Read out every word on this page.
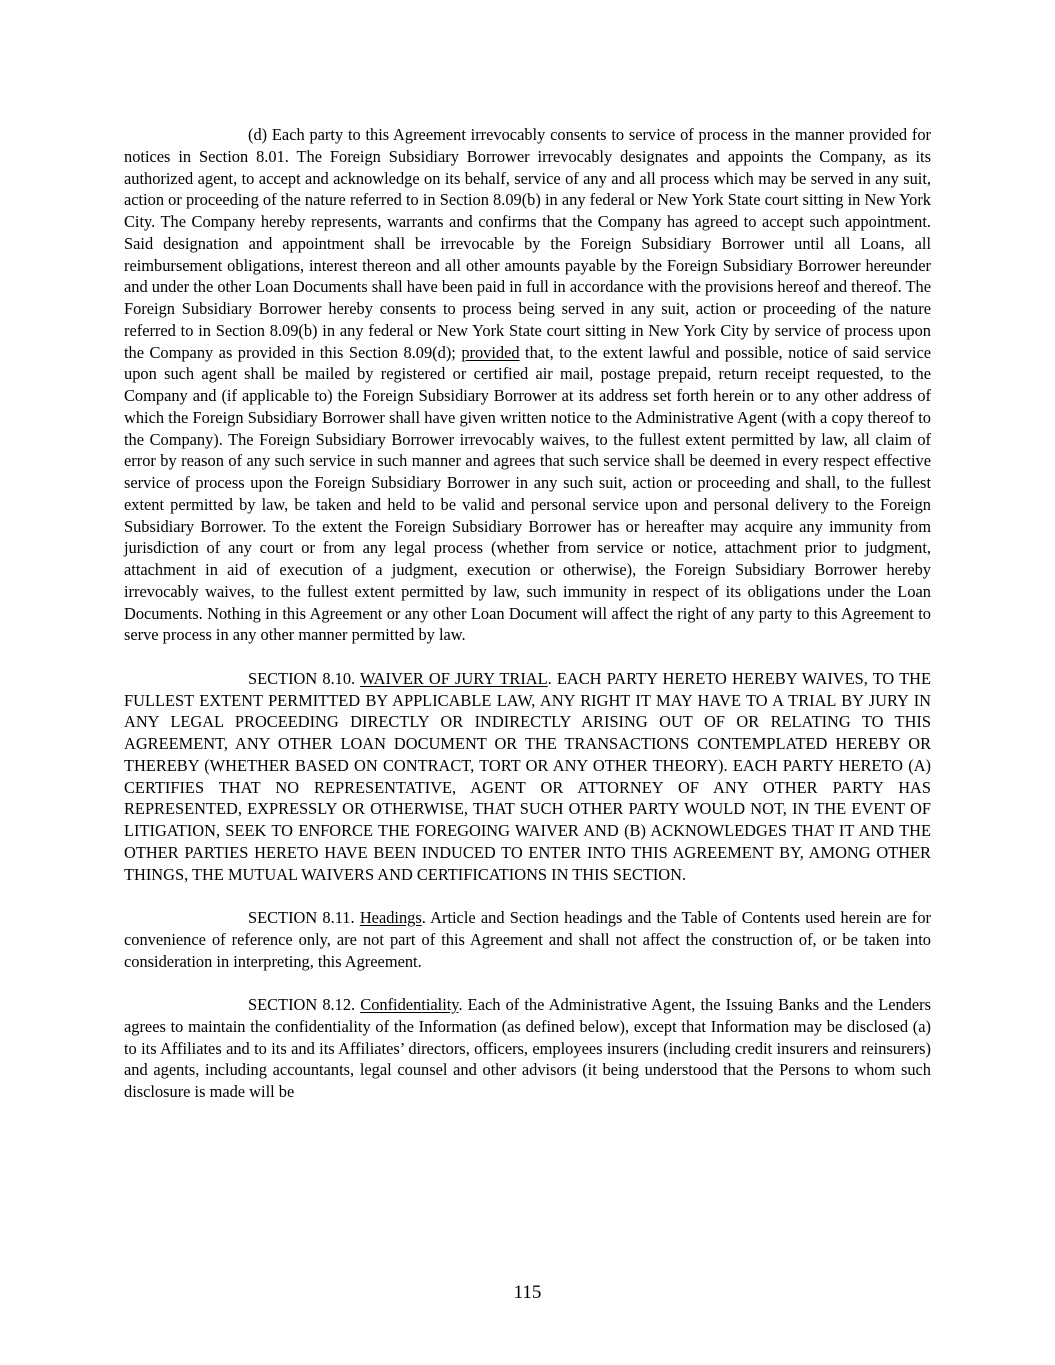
(d) Each party to this Agreement irrevocably consents to service of process in the manner provided for notices in Section 8.01. The Foreign Subsidiary Borrower irrevocably designates and appoints the Company, as its authorized agent, to accept and acknowledge on its behalf, service of any and all process which may be served in any suit, action or proceeding of the nature referred to in Section 8.09(b) in any federal or New York State court sitting in New York City. The Company hereby represents, warrants and confirms that the Company has agreed to accept such appointment. Said designation and appointment shall be irrevocable by the Foreign Subsidiary Borrower until all Loans, all reimbursement obligations, interest thereon and all other amounts payable by the Foreign Subsidiary Borrower hereunder and under the other Loan Documents shall have been paid in full in accordance with the provisions hereof and thereof. The Foreign Subsidiary Borrower hereby consents to process being served in any suit, action or proceeding of the nature referred to in Section 8.09(b) in any federal or New York State court sitting in New York City by service of process upon the Company as provided in this Section 8.09(d); provided that, to the extent lawful and possible, notice of said service upon such agent shall be mailed by registered or certified air mail, postage prepaid, return receipt requested, to the Company and (if applicable to) the Foreign Subsidiary Borrower at its address set forth herein or to any other address of which the Foreign Subsidiary Borrower shall have given written notice to the Administrative Agent (with a copy thereof to the Company). The Foreign Subsidiary Borrower irrevocably waives, to the fullest extent permitted by law, all claim of error by reason of any such service in such manner and agrees that such service shall be deemed in every respect effective service of process upon the Foreign Subsidiary Borrower in any such suit, action or proceeding and shall, to the fullest extent permitted by law, be taken and held to be valid and personal service upon and personal delivery to the Foreign Subsidiary Borrower. To the extent the Foreign Subsidiary Borrower has or hereafter may acquire any immunity from jurisdiction of any court or from any legal process (whether from service or notice, attachment prior to judgment, attachment in aid of execution of a judgment, execution or otherwise), the Foreign Subsidiary Borrower hereby irrevocably waives, to the fullest extent permitted by law, such immunity in respect of its obligations under the Loan Documents. Nothing in this Agreement or any other Loan Document will affect the right of any party to this Agreement to serve process in any other manner permitted by law.

SECTION 8.10. WAIVER OF JURY TRIAL. EACH PARTY HERETO HEREBY WAIVES, TO THE FULLEST EXTENT PERMITTED BY APPLICABLE LAW, ANY RIGHT IT MAY HAVE TO A TRIAL BY JURY IN ANY LEGAL PROCEEDING DIRECTLY OR INDIRECTLY ARISING OUT OF OR RELATING TO THIS AGREEMENT, ANY OTHER LOAN DOCUMENT OR THE TRANSACTIONS CONTEMPLATED HEREBY OR THEREBY (WHETHER BASED ON CONTRACT, TORT OR ANY OTHER THEORY). EACH PARTY HERETO (A) CERTIFIES THAT NO REPRESENTATIVE, AGENT OR ATTORNEY OF ANY OTHER PARTY HAS REPRESENTED, EXPRESSLY OR OTHERWISE, THAT SUCH OTHER PARTY WOULD NOT, IN THE EVENT OF LITIGATION, SEEK TO ENFORCE THE FOREGOING WAIVER AND (B) ACKNOWLEDGES THAT IT AND THE OTHER PARTIES HERETO HAVE BEEN INDUCED TO ENTER INTO THIS AGREEMENT BY, AMONG OTHER THINGS, THE MUTUAL WAIVERS AND CERTIFICATIONS IN THIS SECTION.

SECTION 8.11. Headings. Article and Section headings and the Table of Contents used herein are for convenience of reference only, are not part of this Agreement and shall not affect the construction of, or be taken into consideration in interpreting, this Agreement.

SECTION 8.12. Confidentiality. Each of the Administrative Agent, the Issuing Banks and the Lenders agrees to maintain the confidentiality of the Information (as defined below), except that Information may be disclosed (a) to its Affiliates and to its and its Affiliates’ directors, officers, employees insurers (including credit insurers and reinsurers) and agents, including accountants, legal counsel and other advisors (it being understood that the Persons to whom such disclosure is made will be

115
